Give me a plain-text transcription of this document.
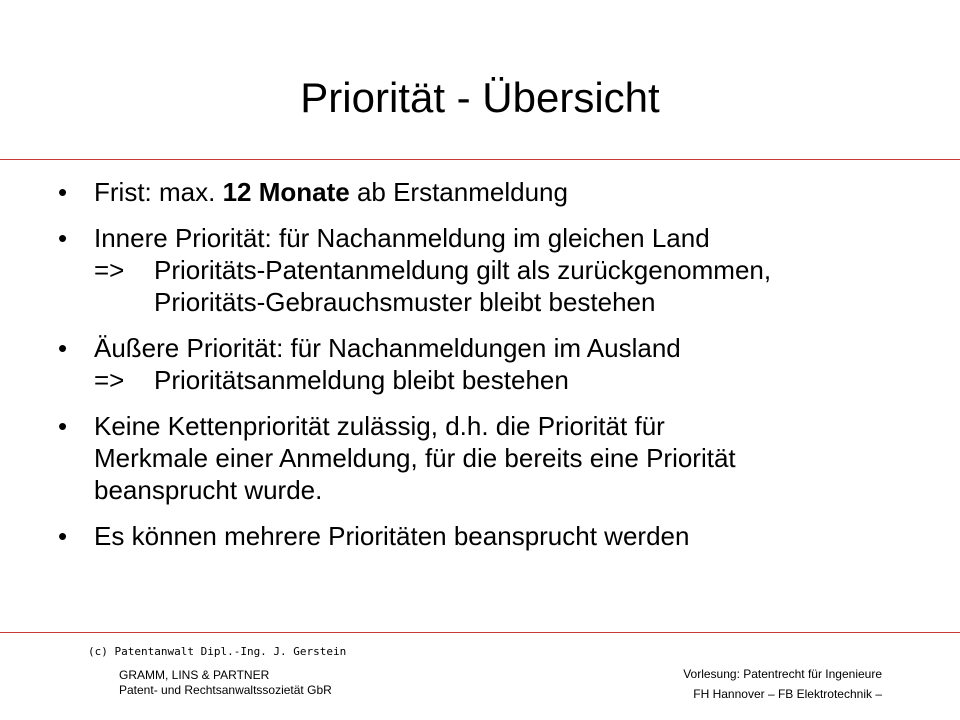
Priorität - Übersicht
• Frist: max. 12 Monate ab Erstanmeldung
• Innere Priorität: für Nachanmeldung im gleichen Land
=> Prioritäts-Patentanmeldung gilt als zurückgenommen,
Prioritäts-Gebrauchsmuster bleibt bestehen
• Äußere Priorität: für Nachanmeldungen im Ausland
=> Prioritätsanmeldung bleibt bestehen
• Keine Kettenpriorität zulässig, d.h. die Priorität für
Merkmale einer Anmeldung, für die bereits eine Priorität
beansprucht wurde.
• Es können mehrere Prioritäten beansprucht werden
(c) Patentanwalt Dipl.-Ing. J. Gerstein
GRAMM, LINS & PARTNER
Patent- und Rechtsanwaltssozietät GbR
Vorlesung: Patentrecht für Ingenieure
FH Hannover – FB Elektrotechnik –
